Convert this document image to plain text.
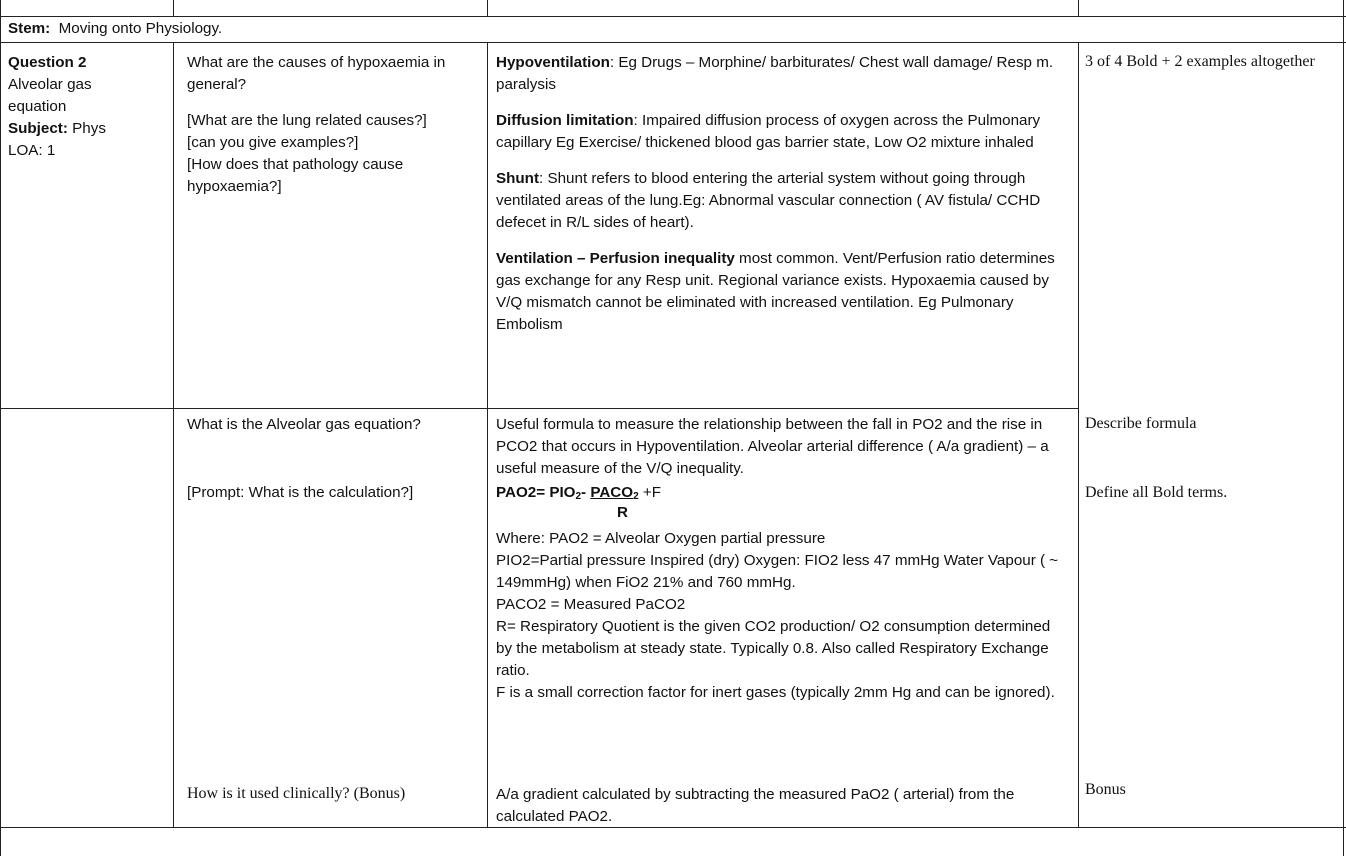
Stem: Moving onto Physiology.

Question 2

Alveolar gas equation

Subject: Phys

LOA: 1

What are the causes of hypoxaemia in general?

[What are the lung related causes?]

[can you give examples?]

[How does that pathology cause hypoxaemia?]

What is the Alveolar gas equation?
[Prompt: What is the calculation?]
How is it used clinically? (Bonus)

Hypoventilation: Eg Drugs – Morphine/ barbiturates/ Chest wall damage/ Resp m. paralysis

Diffusion limitation: Impaired diffusion process of oxygen across the Pulmonary capillary Eg Exercise/ thickened blood gas barrier state, Low O2 mixture inhaled

Shunt: Shunt refers to blood entering the arterial system without going through ventilated areas of the lung.Eg: Abnormal vascular connection ( AV fistula/ CCHD defecet in R/L sides of heart).

Ventilation – Perfusion inequality most common. Vent/Perfusion ratio determines gas exchange for any Resp unit. Regional variance exists. Hypoxaemia caused by V/Q mismatch cannot be eliminated with increased ventilation. Eg Pulmonary Embolism

Useful formula to measure the relationship between the fall in PO2 and the rise in PCO2 that occurs in Hypoventilation. Alveolar arterial difference ( A/a gradient) – a useful measure of the V/Q inequality.
$PAO2= PIO_2-$ $PACO_2 +F$
R

Where: PAO2 = Alveolar Oxygen partial pressure

PIO2=Partial pressure Inspired (dry) Oxygen: FIO2 less 47 mmHg Water Vapour ( ~ 149mmHg) when FiO2 21% and 760 mmHg.

PACO2 = Measured PaCO2

R= Respiratory Quotient is the given CO2 production/ O2 consumption determined by the metabolism at steady state. Typically 0.8. Also called Respiratory Exchange ratio.

F is a small correction factor for inert gases (typically 2mm Hg and can be ignored).

A/a gradient calculated by subtracting the measured PaO2 ( arterial) from the calculated PAO2.
3 of 4 Bold + 2 examples altogether
Describe formula
Define all Bold terms.
Bonus
